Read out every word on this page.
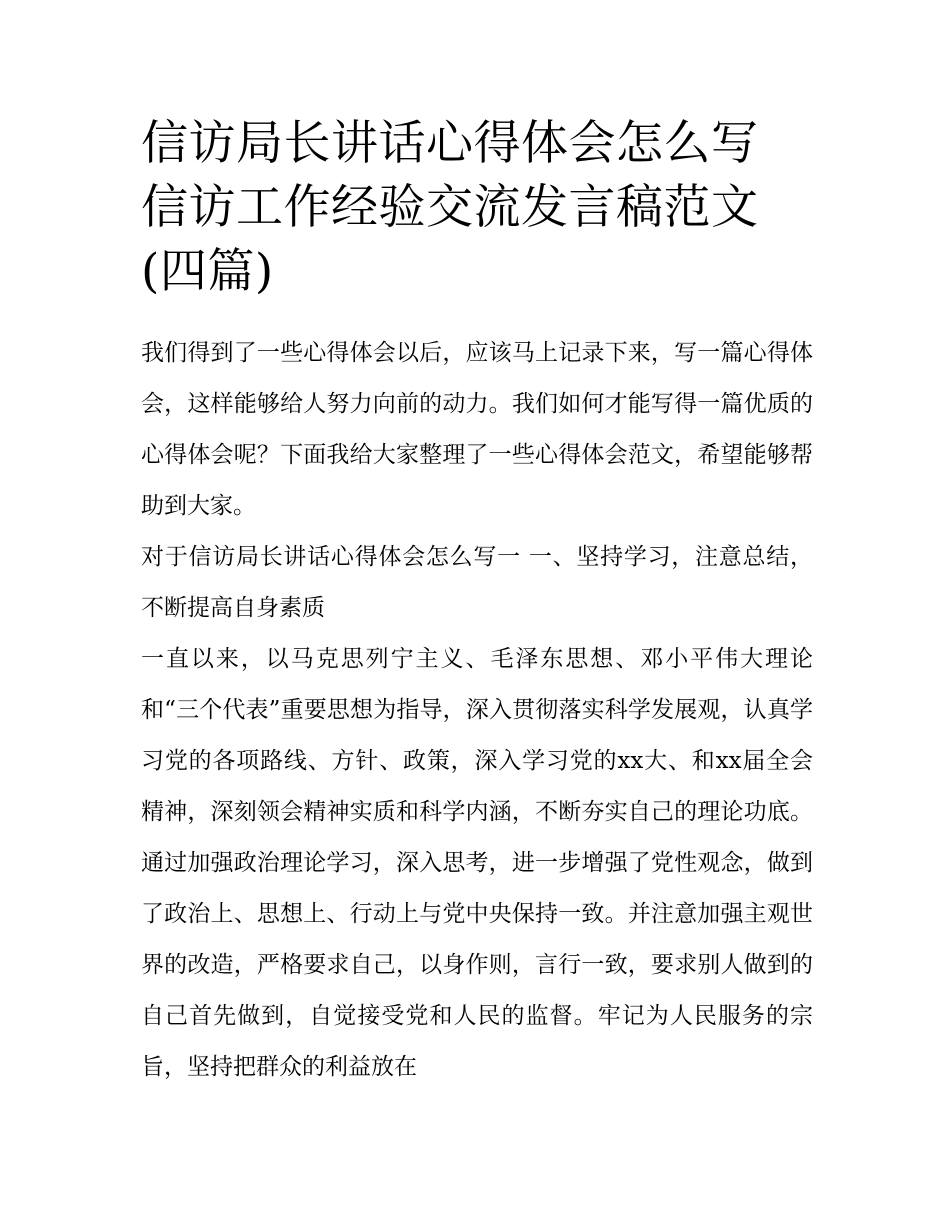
信访局长讲话心得体会怎么写
信访工作经验交流发言稿范文
(四篇)

我们得到了一些心得体会以后，应该马上记录下来，写一篇心得体会，这样能够给人努力向前的动力。我们如何才能写得一篇优质的心得体会呢？下面我给大家整理了一些心得体会范文，希望能够帮助到大家。

对于信访局长讲话心得体会怎么写一 一、坚持学习，注意总结，不断提高自身素质

一直以来，以马克思列宁主义、毛泽东思想、邓小平伟大理论和“三个代表”重要思想为指导，深入贯彻落实科学发展观，认真学习党的各项路线、方针、政策，深入学习党的xx大、和xx届全会精神，深刻领会精神实质和科学内涵，不断夯实自己的理论功底。通过加强政治理论学习，深入思考，进一步增强了党性观念，做到了政治上、思想上、行动上与党中央保持一致。并注意加强主观世界的改造，严格要求自己，以身作则，言行一致，要求别人做到的自己首先做到，自觉接受党和人民的监督。牢记为人民服务的宗旨，坚持把群众的利益放在
